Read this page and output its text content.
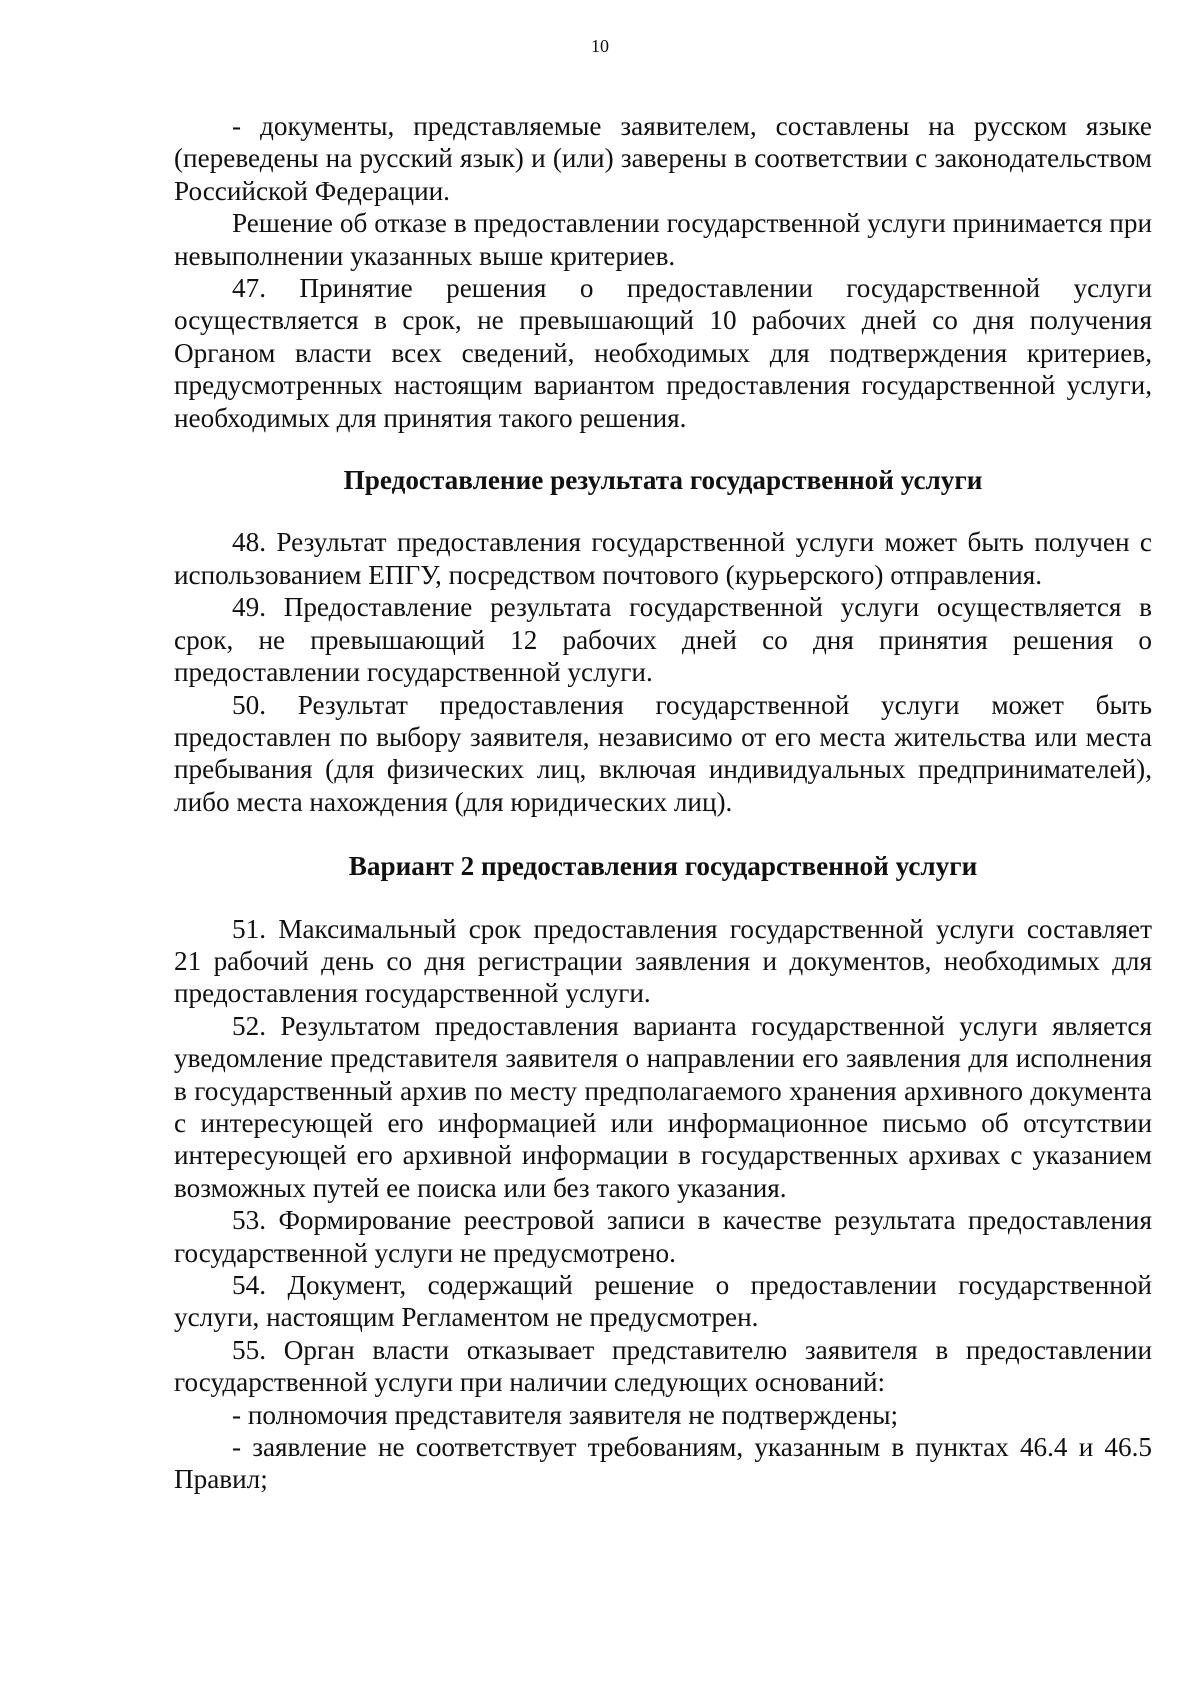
10

- документы, представляемые заявителем, составлены на русском языке (переведены на русский язык) и (или) заверены в соответствии с законодательством Российской Федерации.

Решение об отказе в предоставлении государственной услуги принимается при невыполнении указанных выше критериев.

47. Принятие решения о предоставлении государственной услуги осуществляется в срок, не превышающий 10 рабочих дней со дня получения Органом власти всех сведений, необходимых для подтверждения критериев, предусмотренных настоящим вариантом предоставления государственной услуги, необходимых для принятия такого решения.

Предоставление результата государственной услуги

48. Результат предоставления государственной услуги может быть получен с использованием ЕПГУ, посредством почтового (курьерского) отправления.

49. Предоставление результата государственной услуги осуществляется в срок, не превышающий 12 рабочих дней со дня принятия решения о предоставлении государственной услуги.

50. Результат предоставления государственной услуги может быть предоставлен по выбору заявителя, независимо от его места жительства или места пребывания (для физических лиц, включая индивидуальных предпринимателей), либо места нахождения (для юридических лиц).

Вариант 2 предоставления государственной услуги

51. Максимальный срок предоставления государственной услуги составляет 21 рабочий день со дня регистрации заявления и документов, необходимых для предоставления государственной услуги.

52. Результатом предоставления варианта государственной услуги является уведомление представителя заявителя о направлении его заявления для исполнения в государственный архив по месту предполагаемого хранения архивного документа с интересующей его информацией или информационное письмо об отсутствии интересующей его архивной информации в государственных архивах с указанием возможных путей ее поиска или без такого указания.

53. Формирование реестровой записи в качестве результата предоставления государственной услуги не предусмотрено.

54. Документ, содержащий решение о предоставлении государственной услуги, настоящим Регламентом не предусмотрен.

55. Орган власти отказывает представителю заявителя в предоставлении государственной услуги при наличии следующих оснований:

- полномочия представителя заявителя не подтверждены;

- заявление не соответствует требованиям, указанным в пунктах 46.4 и 46.5 Правил;
